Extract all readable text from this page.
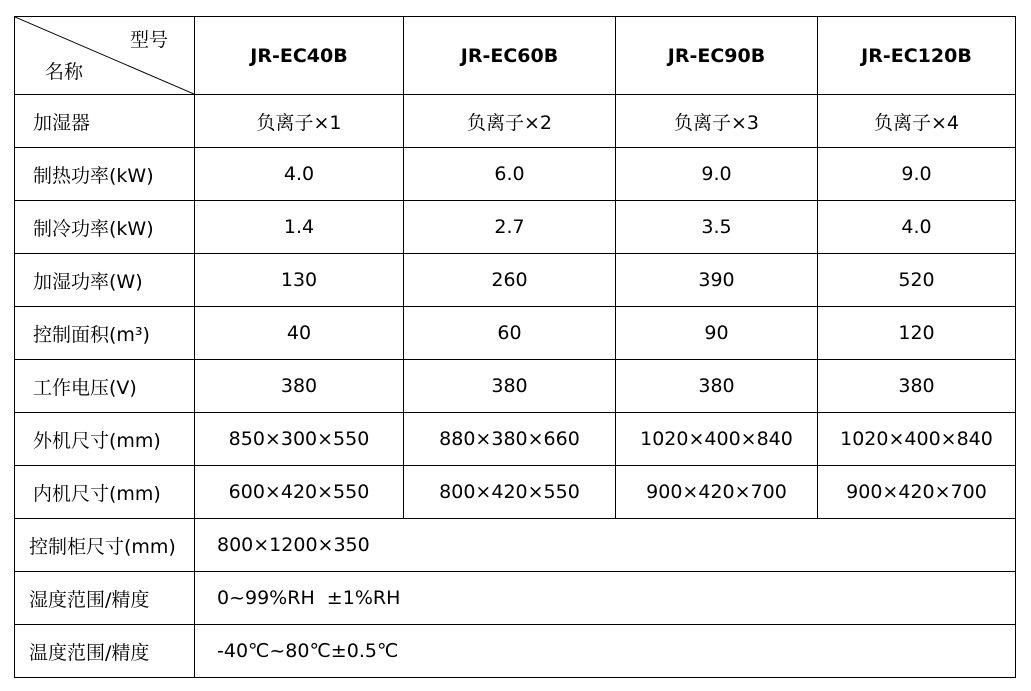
型号
名称	JR-EC40B	JR-EC60B	JR-EC90B	JR-EC120B
加湿器	负离子×1	负离子×2	负离子×3	负离子×4
制热功率(kW)	4.0	6.0	9.0	9.0
制冷功率(kW)	1.4	2.7	3.5	4.0
加湿功率(W)	130	260	390	520
控制面积(m³)	40	60	90	120
工作电压(V)	380	380	380	380
外机尺寸(mm)	850×300×550	880×380×660	1020×400×840	1020×400×840
内机尺寸(mm)	600×420×550	800×420×550	900×420×700	900×420×700
控制柜尺寸(mm)	800×1200×350			
湿度范围/精度	0~99%RH  ±1%RH			
温度范围/精度	-40℃~80℃±0.5℃			
